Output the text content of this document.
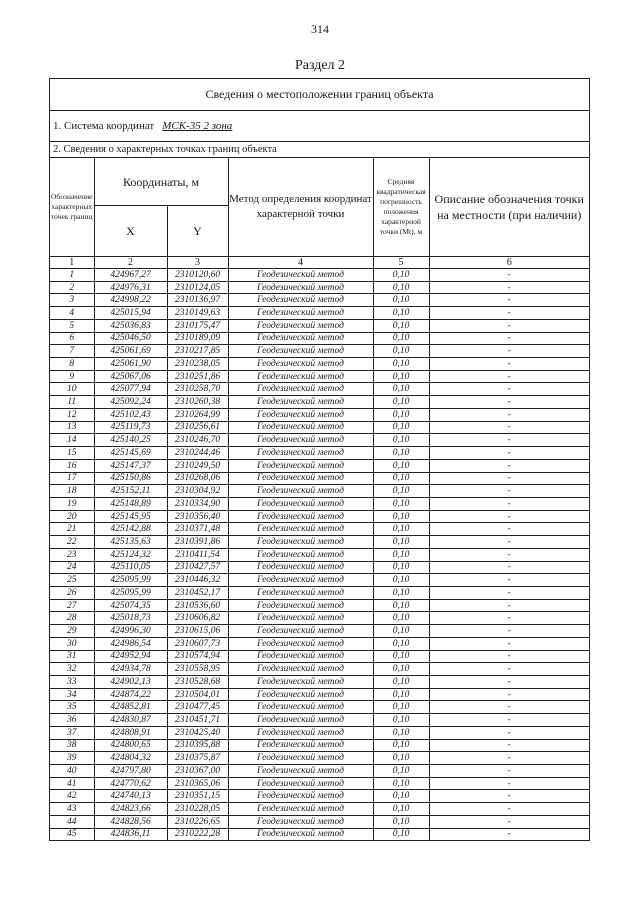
314
Раздел 2
Сведения о местоположении границ объекта
1. Система координат МСК-35 2 зона
2. Сведения о характерных точках границ объекта
Обозначение характерных точек границ	Координаты, м		Метод определения координат характерной точки	Средняя квадратическая погрешность положения характерной точки (Mt), м	Описание обозначения точки на местности (при наличии)
	X	Y			
1	2	3	4	5	6
1	424967,27	2310120,60	Геодезический метод	0,10	-
2	424976,31	2310124,05	Геодезический метод	0,10	-
3	424998,22	2310136,97	Геодезический метод	0,10	-
4	425015,94	2310149,63	Геодезический метод	0,10	-
5	425036,83	2310175,47	Геодезический метод	0,10	-
6	425046,50	2310189,09	Геодезический метод	0,10	-
7	425061,69	2310217,85	Геодезический метод	0,10	-
8	425061,90	2310238,05	Геодезический метод	0,10	-
9	425067,06	2310251,86	Геодезический метод	0,10	-
10	425077,94	2310258,70	Геодезический метод	0,10	-
11	425092,24	2310260,38	Геодезический метод	0,10	-
12	425102,43	2310264,99	Геодезический метод	0,10	-
13	425119,73	2310256,61	Геодезический метод	0,10	-
14	425140,25	2310246,70	Геодезический метод	0,10	-
15	425145,69	2310244,46	Геодезический метод	0,10	-
16	425147,37	2310249,50	Геодезический метод	0,10	-
17	425150,86	2310268,06	Геодезический метод	0,10	-
18	425152,11	2310304,92	Геодезический метод	0,10	-
19	425148,89	2310334,90	Геодезический метод	0,10	-
20	425145,95	2310356,40	Геодезический метод	0,10	-
21	425142,88	2310371,48	Геодезический метод	0,10	-
22	425135,63	2310391,86	Геодезический метод	0,10	-
23	425124,32	2310411,54	Геодезический метод	0,10	-
24	425110,05	2310427,57	Геодезический метод	0,10	-
25	425095,99	2310446,32	Геодезический метод	0,10	-
26	425095,99	2310452,17	Геодезический метод	0,10	-
27	425074,35	2310536,60	Геодезический метод	0,10	-
28	425018,73	2310606,82	Геодезический метод	0,10	-
29	424996,30	2310615,06	Геодезический метод	0,10	-
30	424986,54	2310607,73	Геодезический метод	0,10	-
31	424952,94	2310574,94	Геодезический метод	0,10	-
32	424934,78	2310558,95	Геодезический метод	0,10	-
33	424902,13	2310528,68	Геодезический метод	0,10	-
34	424874,22	2310504,01	Геодезический метод	0,10	-
35	424852,81	2310477,45	Геодезический метод	0,10	-
36	424830,87	2310451,71	Геодезический метод	0,10	-
37	424808,91	2310425,40	Геодезический метод	0,10	-
38	424800,65	2310395,88	Геодезический метод	0,10	-
39	424804,32	2310375,87	Геодезический метод	0,10	-
40	424797,80	2310367,00	Геодезический метод	0,10	-
41	424770,62	2310365,06	Геодезический метод	0,10	-
42	424740,13	2310351,15	Геодезический метод	0,10	-
43	424823,66	2310228,05	Геодезический метод	0,10	-
44	424828,56	2310226,65	Геодезический метод	0,10	-
45	424836,11	2310222,28	Геодезический метод	0,10	-
